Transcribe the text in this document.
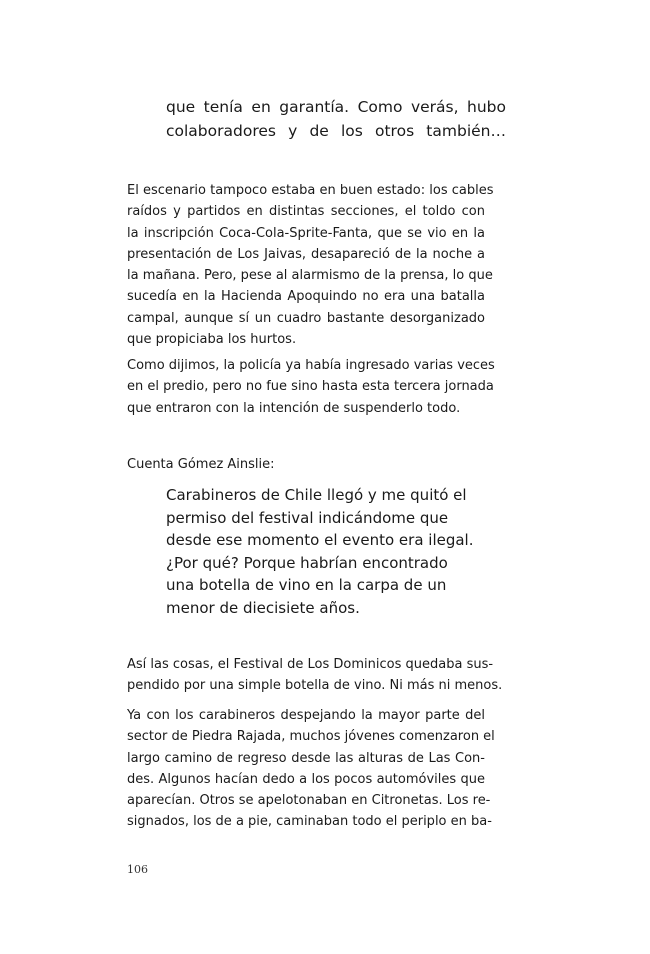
que tenía en garantía. Como verás, hubo
colaboradores y de los otros también…
El escenario tampoco estaba en buen estado: los cables
raídos y partidos en distintas secciones, el toldo con
la inscripción Coca-Cola-Sprite-Fanta, que se vio en la
presentación de Los Jaivas, desapareció de la noche a
la mañana. Pero, pese al alarmismo de la prensa, lo que
sucedía en la Hacienda Apoquindo no era una batalla
campal, aunque sí un cuadro bastante desorganizado
que propiciaba los hurtos.
Como dijimos, la policía ya había ingresado varias veces
en el predio, pero no fue sino hasta esta tercera jornada
que entraron con la intención de suspenderlo todo.
Cuenta Gómez Ainslie:
Carabineros de Chile llegó y me quitó el
permiso del festival indicándome que
desde ese momento el evento era ilegal.
¿Por qué? Porque habrían encontrado
una botella de vino en la carpa de un
menor de diecisiete años.
Así las cosas, el Festival de Los Dominicos quedaba sus-
pendido por una simple botella de vino. Ni más ni menos.
Ya con los carabineros despejando la mayor parte del
sector de Piedra Rajada, muchos jóvenes comenzaron el
largo camino de regreso desde las alturas de Las Con-
des. Algunos hacían dedo a los pocos automóviles que
aparecían. Otros se apelotonaban en Citronetas. Los re-
signados, los de a pie, caminaban todo el periplo en ba-
106
